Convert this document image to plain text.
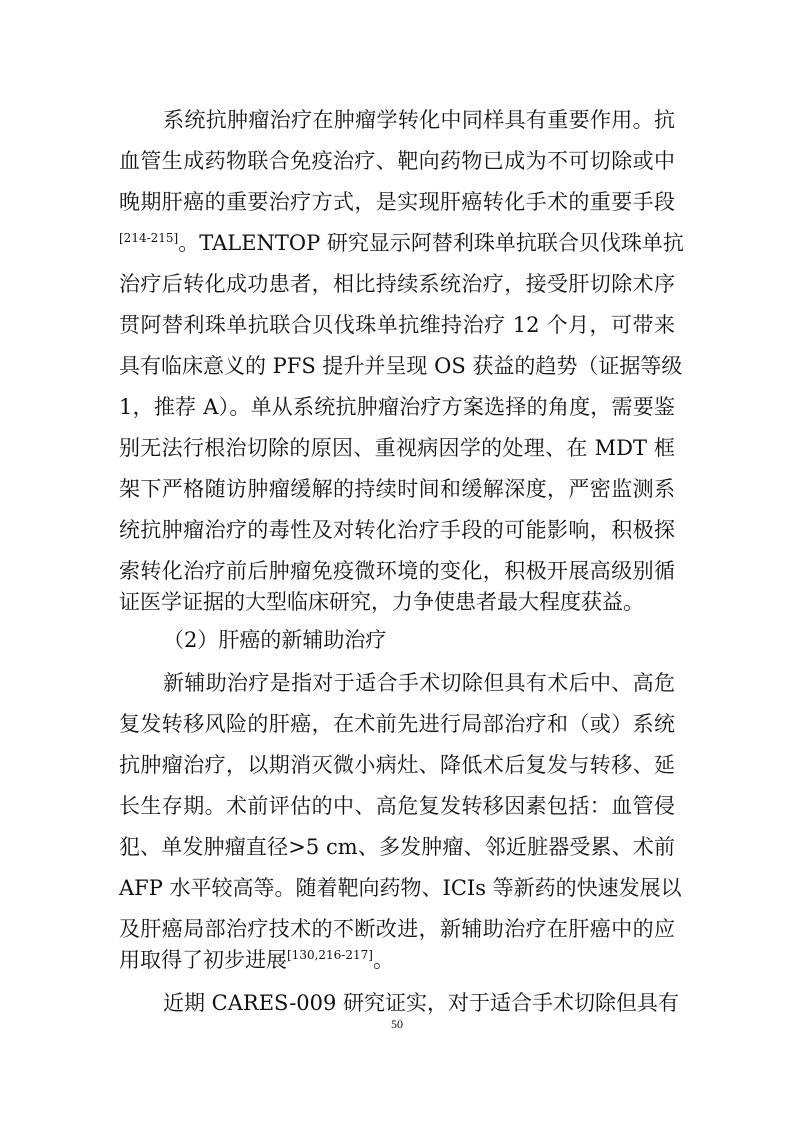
系统抗肿瘤治疗在肿瘤学转化中同样具有重要作用。抗
血管生成药物联合免疫治疗、靶向药物已成为不可切除或中
晚期肝癌的重要治疗方式，是实现肝癌转化手术的重要手段
[214-215]。TALENTOP 研究显示阿替利珠单抗联合贝伐珠单抗
治疗后转化成功患者，相比持续系统治疗，接受肝切除术序
贯阿替利珠单抗联合贝伐珠单抗维持治疗 12 个月，可带来
具有临床意义的 PFS 提升并呈现 OS 获益的趋势（证据等级
1，推荐 A）。单从系统抗肿瘤治疗方案选择的角度，需要鉴
别无法行根治切除的原因、重视病因学的处理、在 MDT 框
架下严格随访肿瘤缓解的持续时间和缓解深度，严密监测系
统抗肿瘤治疗的毒性及对转化治疗手段的可能影响，积极探
索转化治疗前后肿瘤免疫微环境的变化，积极开展高级别循
证医学证据的大型临床研究，力争使患者最大程度获益。
（2）肝癌的新辅助治疗
新辅助治疗是指对于适合手术切除但具有术后中、高危
复发转移风险的肝癌，在术前先进行局部治疗和（或）系统
抗肿瘤治疗，以期消灭微小病灶、降低术后复发与转移、延
长生存期。术前评估的中、高危复发转移因素包括：血管侵
犯、单发肿瘤直径>5 cm、多发肿瘤、邻近脏器受累、术前
AFP 水平较高等。随着靶向药物、ICIs 等新药的快速发展以
及肝癌局部治疗技术的不断改进，新辅助治疗在肝癌中的应
用取得了初步进展[130,216-217]。
近期 CARES-009 研究证实，对于适合手术切除但具有
50
